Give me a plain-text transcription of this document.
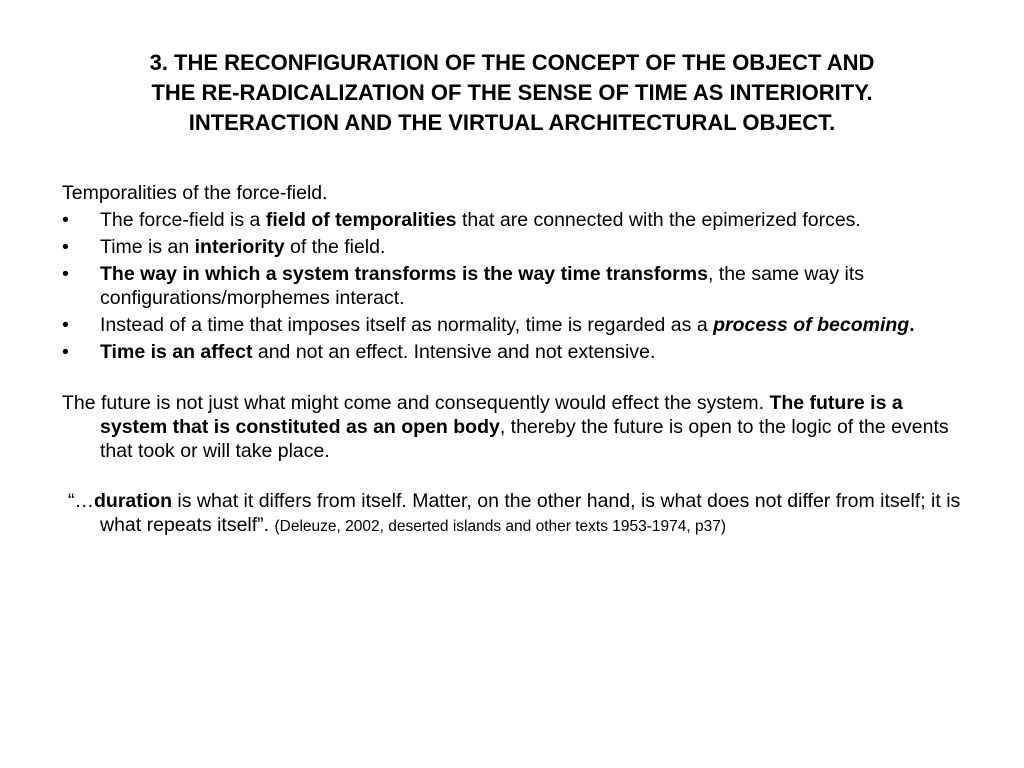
3. THE RECONFIGURATION OF THE CONCEPT OF THE OBJECT AND
THE RE-RADICALIZATION OF THE SENSE OF TIME AS INTERIORITY.
INTERACTION AND THE VIRTUAL ARCHITECTURAL OBJECT.

Temporalities of the force-field.

•	The force-field is a field of temporalities that are connected with the epimerized forces.
•	Time is an interiority of the field.
•	The way in which a system transforms is the way time transforms, the same way its configurations/morphemes interact.
•	Instead of a time that imposes itself as normality, time is regarded as a process of becoming.
•	Time is an affect and not an effect. Intensive and not extensive.

The future is not just what might come and consequently would effect the system. The future is a system that is constituted as an open body, thereby the future is open to the logic of the events that took or will take place.

“…duration is what it differs from itself. Matter, on the other hand, is what does not differ from itself; it is what repeats itself”. (Deleuze, 2002, deserted islands and other texts 1953-1974, p37)
